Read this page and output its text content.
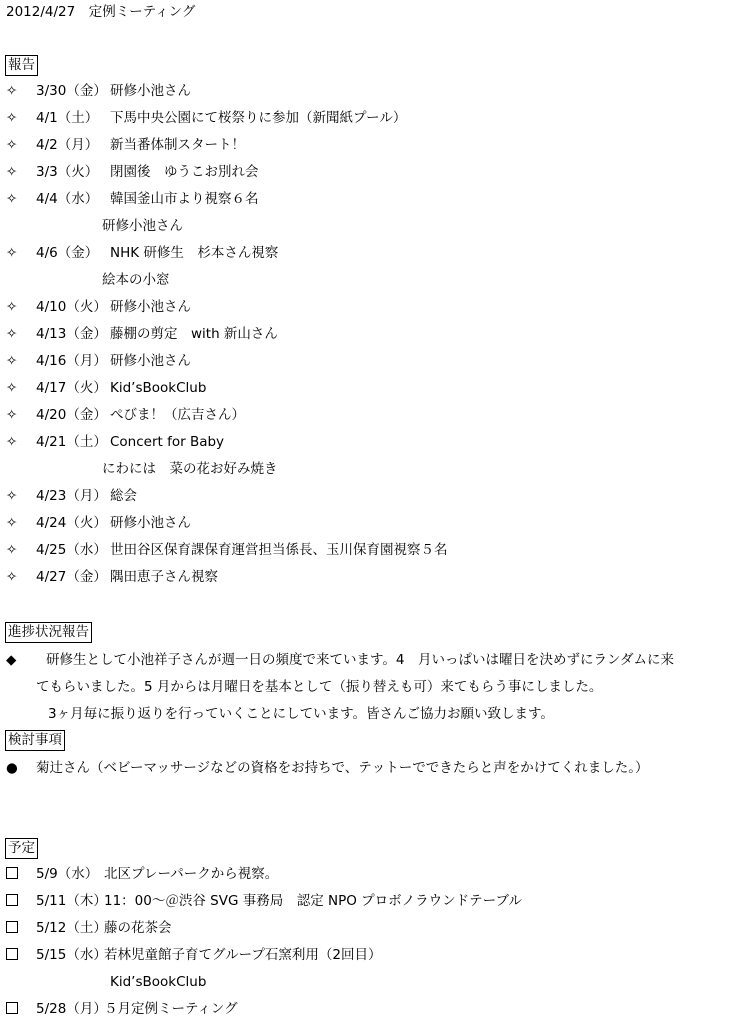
2012/4/27　定例ミーティング
報告
✧	3/30（金） 研修小池さん
✧	4/1（土） 下馬中央公園にて桜祭りに参加（新聞紙プール）
✧	4/2（月） 新当番体制スタート！
✧	3/3（火） 閉園後　ゆうこお別れ会
✧	4/4（水） 韓国釜山市より視察６名
研修小池さん
✧	4/6（金） NHK 研修生　杉本さん視察
絵本の小窓
✧	4/10（火） 研修小池さん
✧	4/13（金） 藤棚の剪定　with 新山さん
✧	4/16（月） 研修小池さん
✧	4/17（火） Kid’sBookClub
✧	4/20（金） ぺびま！（広吉さん）
✧	4/21（土） Concert for Baby
にわには　菜の花お好み焼き
✧	4/23（月） 総会
✧	4/24（火） 研修小池さん
✧	4/25（水） 世田谷区保育課保育運営担当係長、玉川保育園視察５名
✧	4/27（金） 隅田恵子さん視察
進捗状況報告
◆ 研修生として小池祥子さんが週一日の頻度で来ています。4　月いっぱいは曜日を決めずにランダムに来
てもらいました。5 月からは月曜日を基本として（振り替えも可）来てもらう事にしました。
3ヶ月毎に振り返りを行っていくことにしています。皆さんご協力お願い致します。
検討事項
● 菊辻さん（ベビーマッサージなどの資格をお持ちで、テットーでできたらと声をかけてくれました。）
予定
5/9（水） 北区プレーパークから視察。
5/11（木）
11：00～＠渋谷 SVG 事務局　認定 NPO プロボノラウンドテーブル
5/12（土）
藤の花茶会
5/15（水）
若林児童館子育てグループ石窯利用（2回目）
Kid’sBookClub
5/28（月）
５月定例ミーティング
